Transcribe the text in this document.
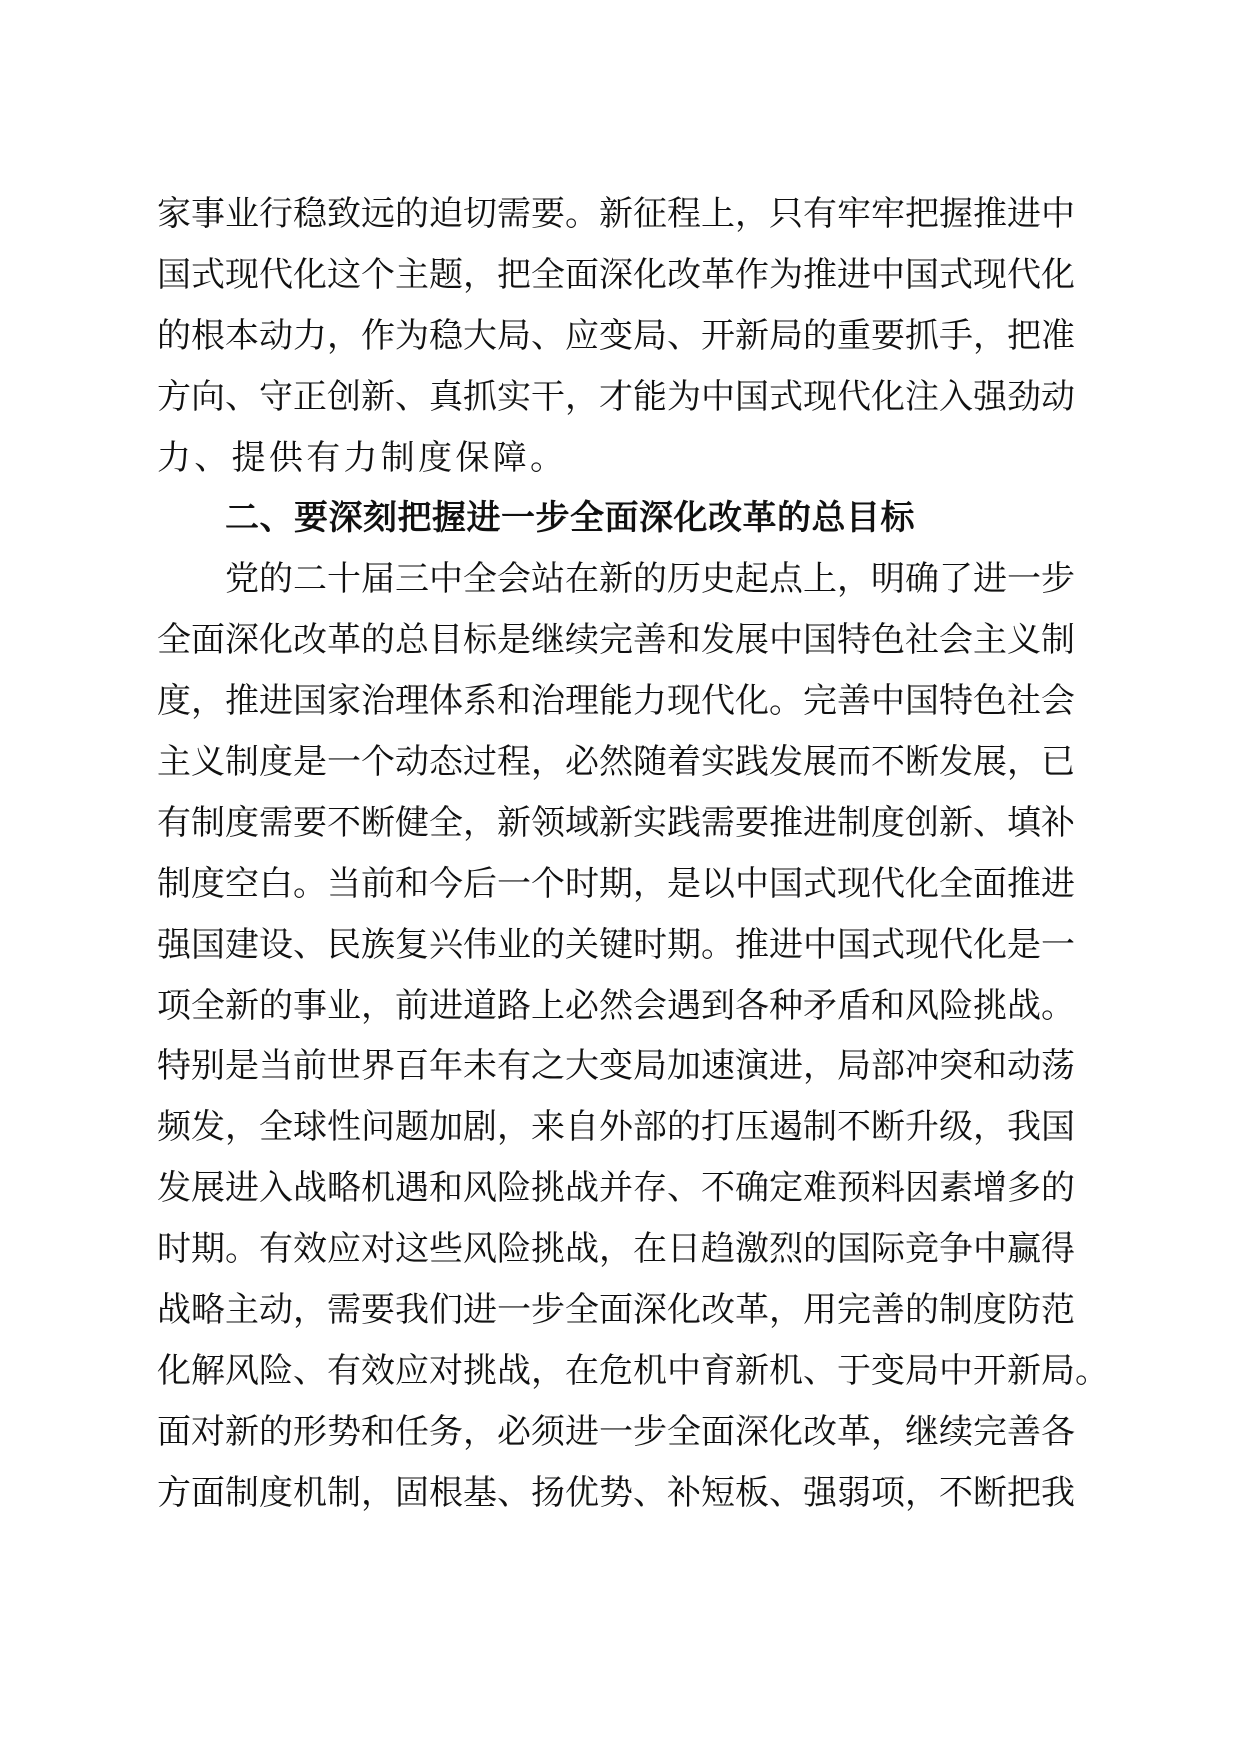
家事业行稳致远的迫切需要。新征程上，只有牢牢把握推进中
国式现代化这个主题，把全面深化改革作为推进中国式现代化
的根本动力，作为稳大局、应变局、开新局的重要抓手，把准
方向、守正创新、真抓实干，才能为中国式现代化注入强劲动
力、提供有力制度保障。
二、要深刻把握进一步全面深化改革的总目标
党的二十届三中全会站在新的历史起点上，明确了进一步
全面深化改革的总目标是继续完善和发展中国特色社会主义制
度，推进国家治理体系和治理能力现代化。完善中国特色社会
主义制度是一个动态过程，必然随着实践发展而不断发展，已
有制度需要不断健全，新领域新实践需要推进制度创新、填补
制度空白。当前和今后一个时期，是以中国式现代化全面推进
强国建设、民族复兴伟业的关键时期。推进中国式现代化是一
项全新的事业，前进道路上必然会遇到各种矛盾和风险挑战。
特别是当前世界百年未有之大变局加速演进，局部冲突和动荡
频发，全球性问题加剧，来自外部的打压遏制不断升级，我国
发展进入战略机遇和风险挑战并存、不确定难预料因素增多的
时期。有效应对这些风险挑战，在日趋激烈的国际竞争中赢得
战略主动，需要我们进一步全面深化改革，用完善的制度防范
化解风险、有效应对挑战，在危机中育新机、于变局中开新局。
面对新的形势和任务，必须进一步全面深化改革，继续完善各
方面制度机制，固根基、扬优势、补短板、强弱项，不断把我
